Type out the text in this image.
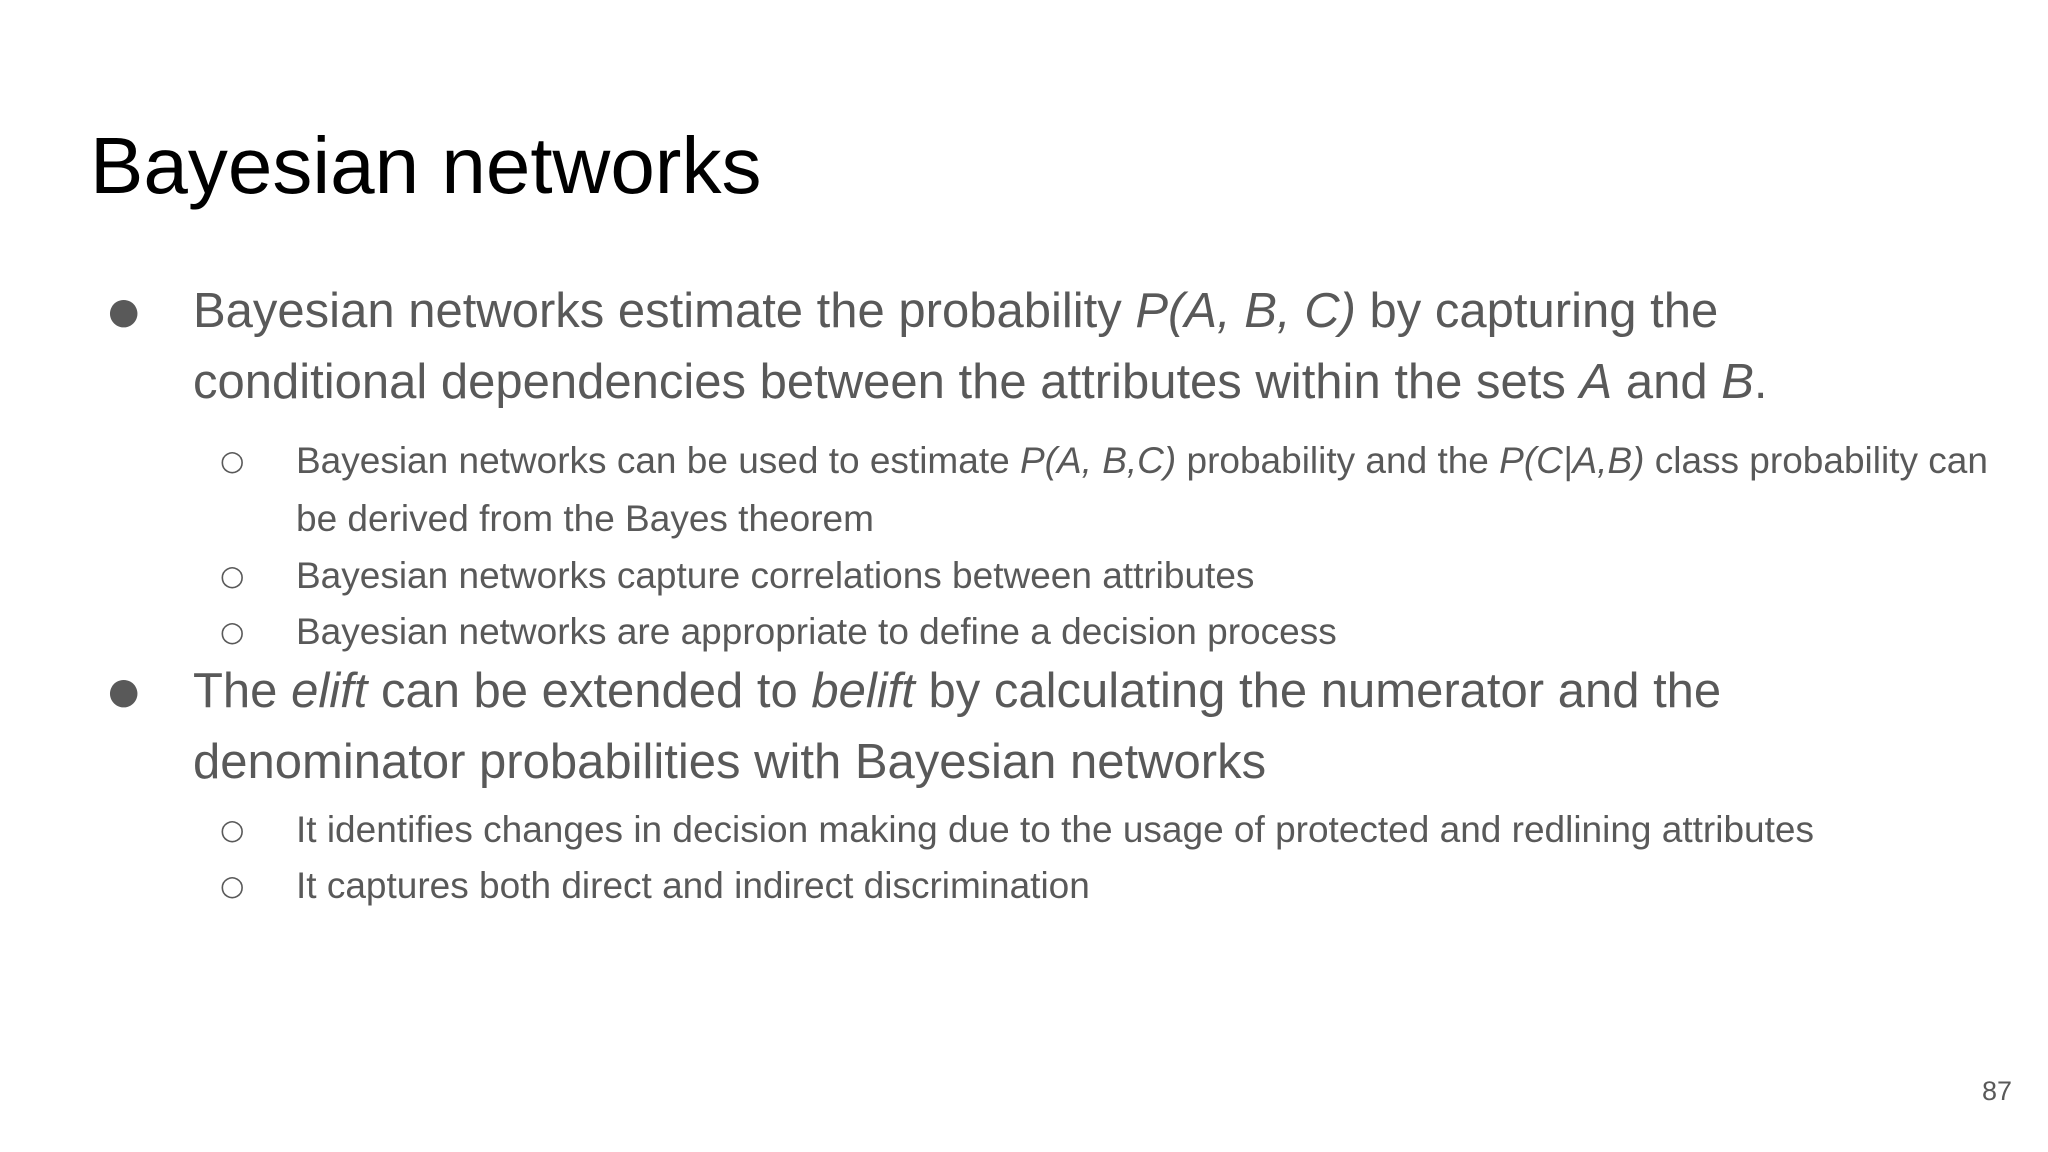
Bayesian networks
● Bayesian networks estimate the probability P(A, B, C) by capturing the conditional dependencies between the attributes within the sets A and B.
○ Bayesian networks can be used to estimate P(A, B,C) probability and the P(C|A,B) class probability can be derived from the Bayes theorem
○ Bayesian networks capture correlations between attributes
○ Bayesian networks are appropriate to define a decision process
● The elift can be extended to belift by calculating the numerator and the denominator probabilities with Bayesian networks
○ It identifies changes in decision making due to the usage of protected and redlining attributes
○ It captures both direct and indirect discrimination
87
